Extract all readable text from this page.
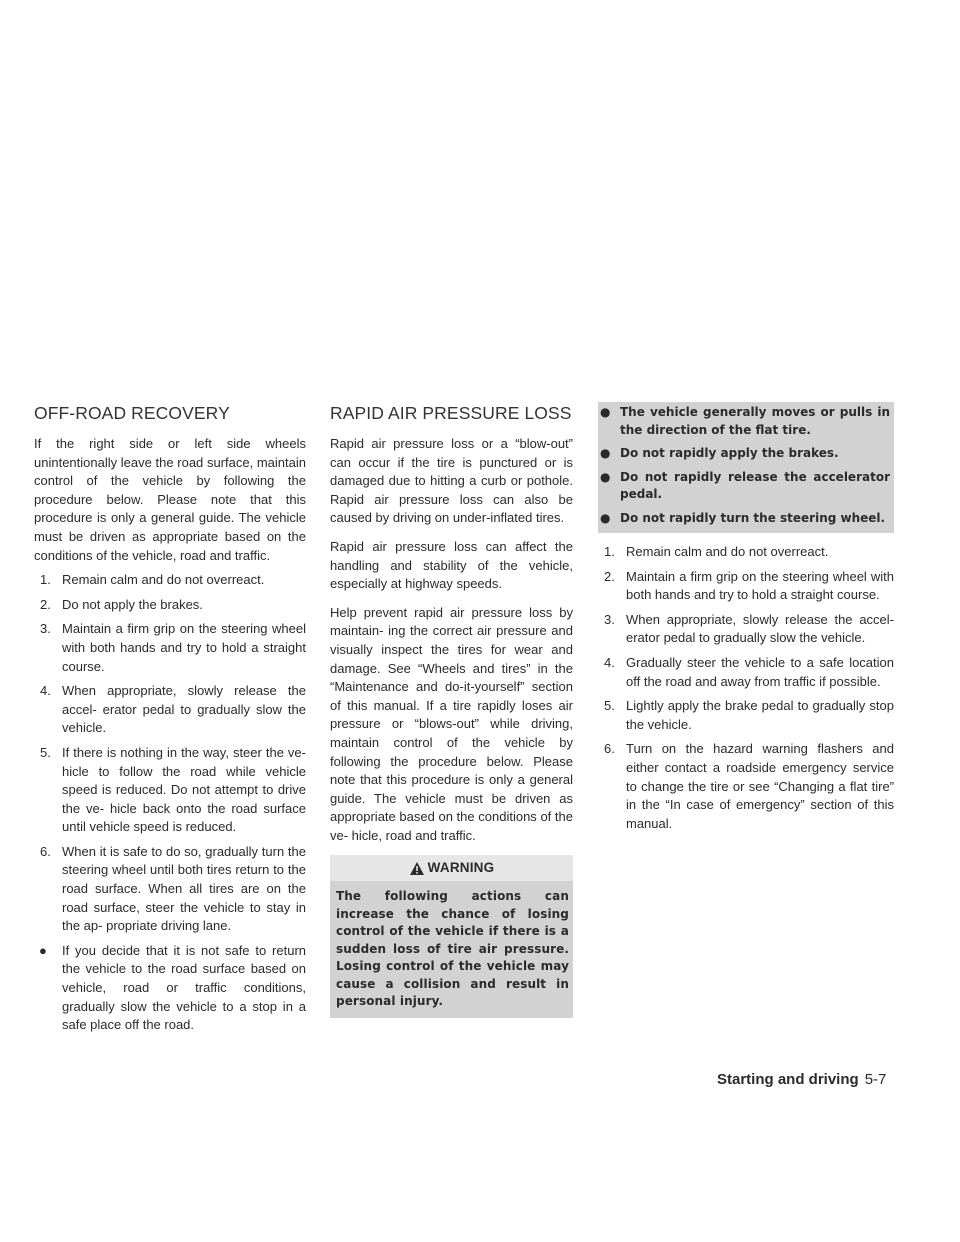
OFF-ROAD RECOVERY

If the right side or left side wheels unintentionally leave the road surface, maintain control of the vehicle by following the procedure below. Please note that this procedure is only a general guide. The vehicle must be driven as appropriate based on the conditions of the vehicle, road and traffic.

1. Remain calm and do not overreact.
2. Do not apply the brakes.
3. Maintain a firm grip on the steering wheel with both hands and try to hold a straight course.
4. When appropriate, slowly release the accel- erator pedal to gradually slow the vehicle.
5. If there is nothing in the way, steer the ve- hicle to follow the road while vehicle speed is reduced. Do not attempt to drive the ve- hicle back onto the road surface until vehicle speed is reduced.
6. When it is safe to do so, gradually turn the steering wheel until both tires return to the road surface. When all tires are on the road surface, steer the vehicle to stay in the ap- propriate driving lane.
● If you decide that it is not safe to return the vehicle to the road surface based on vehicle, road or traffic conditions, gradually slow the vehicle to a stop in a safe place off the road.
RAPID AIR PRESSURE LOSS

Rapid air pressure loss or a “blow-out” can occur if the tire is punctured or is damaged due to hitting a curb or pothole. Rapid air pressure loss can also be caused by driving on under-inflated tires.

Rapid air pressure loss can affect the handling and stability of the vehicle, especially at highway speeds.

Help prevent rapid air pressure loss by maintain- ing the correct air pressure and visually inspect the tires for wear and damage. See “Wheels and tires” in the “Maintenance and do-it-yourself” section of this manual. If a tire rapidly loses air pressure or “blows-out” while driving, maintain control of the vehicle by following the procedure below. Please note that this procedure is only a general guide. The vehicle must be driven as appropriate based on the conditions of the ve- hicle, road and traffic.

WARNING
The following actions can increase the chance of losing control of the vehicle if there is a sudden loss of tire air pressure. Losing control of the vehicle may cause a collision and result in personal injury.
● The vehicle generally moves or pulls in the direction of the flat tire.
● Do not rapidly apply the brakes.
● Do not rapidly release the accelerator pedal.
● Do not rapidly turn the steering wheel.
1. Remain calm and do not overreact.
2. Maintain a firm grip on the steering wheel with both hands and try to hold a straight course.
3. When appropriate, slowly release the accel- erator pedal to gradually slow the vehicle.
4. Gradually steer the vehicle to a safe location off the road and away from traffic if possible.
5. Lightly apply the brake pedal to gradually stop the vehicle.
6. Turn on the hazard warning flashers and either contact a roadside emergency service to change the tire or see “Changing a flat tire” in the “In case of emergency” section of this manual.
Starting and driving 5-7
